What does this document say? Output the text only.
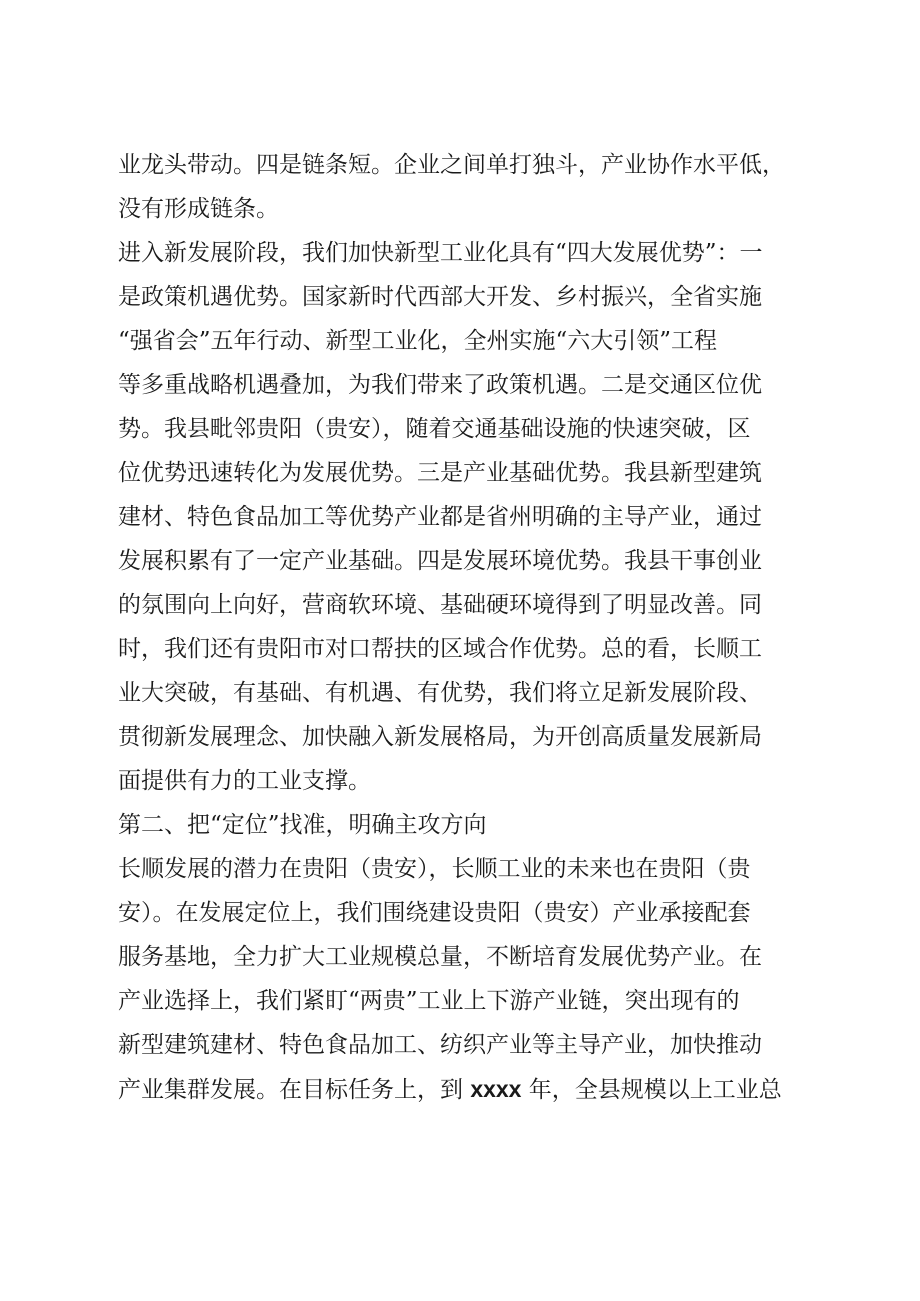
业龙头带动。四是链条短。企业之间单打独斗，产业协作水平低，
没有形成链条。
进入新发展阶段，我们加快新型工业化具有“四大发展优势”：一
是政策机遇优势。国家新时代西部大开发、乡村振兴，全省实施
“强省会”五年行动、新型工业化，全州实施“六大引领”工程
等多重战略机遇叠加，为我们带来了政策机遇。二是交通区位优
势。我县毗邻贵阳（贵安），随着交通基础设施的快速突破，区
位优势迅速转化为发展优势。三是产业基础优势。我县新型建筑
建材、特色食品加工等优势产业都是省州明确的主导产业，通过
发展积累有了一定产业基础。四是发展环境优势。我县干事创业
的氛围向上向好，营商软环境、基础硬环境得到了明显改善。同
时，我们还有贵阳市对口帮扶的区域合作优势。总的看，长顺工
业大突破，有基础、有机遇、有优势，我们将立足新发展阶段、
贯彻新发展理念、加快融入新发展格局，为开创高质量发展新局
面提供有力的工业支撑。
第二、把“定位”找准，明确主攻方向
长顺发展的潜力在贵阳（贵安），长顺工业的未来也在贵阳（贵
安）。在发展定位上，我们围绕建设贵阳（贵安）产业承接配套
服务基地，全力扩大工业规模总量，不断培育发展优势产业。在
产业选择上，我们紧盯“两贵”工业上下游产业链，突出现有的
新型建筑建材、特色食品加工、纺织产业等主导产业，加快推动
产业集群发展。在目标任务上，到 xxxx 年，全县规模以上工业总
